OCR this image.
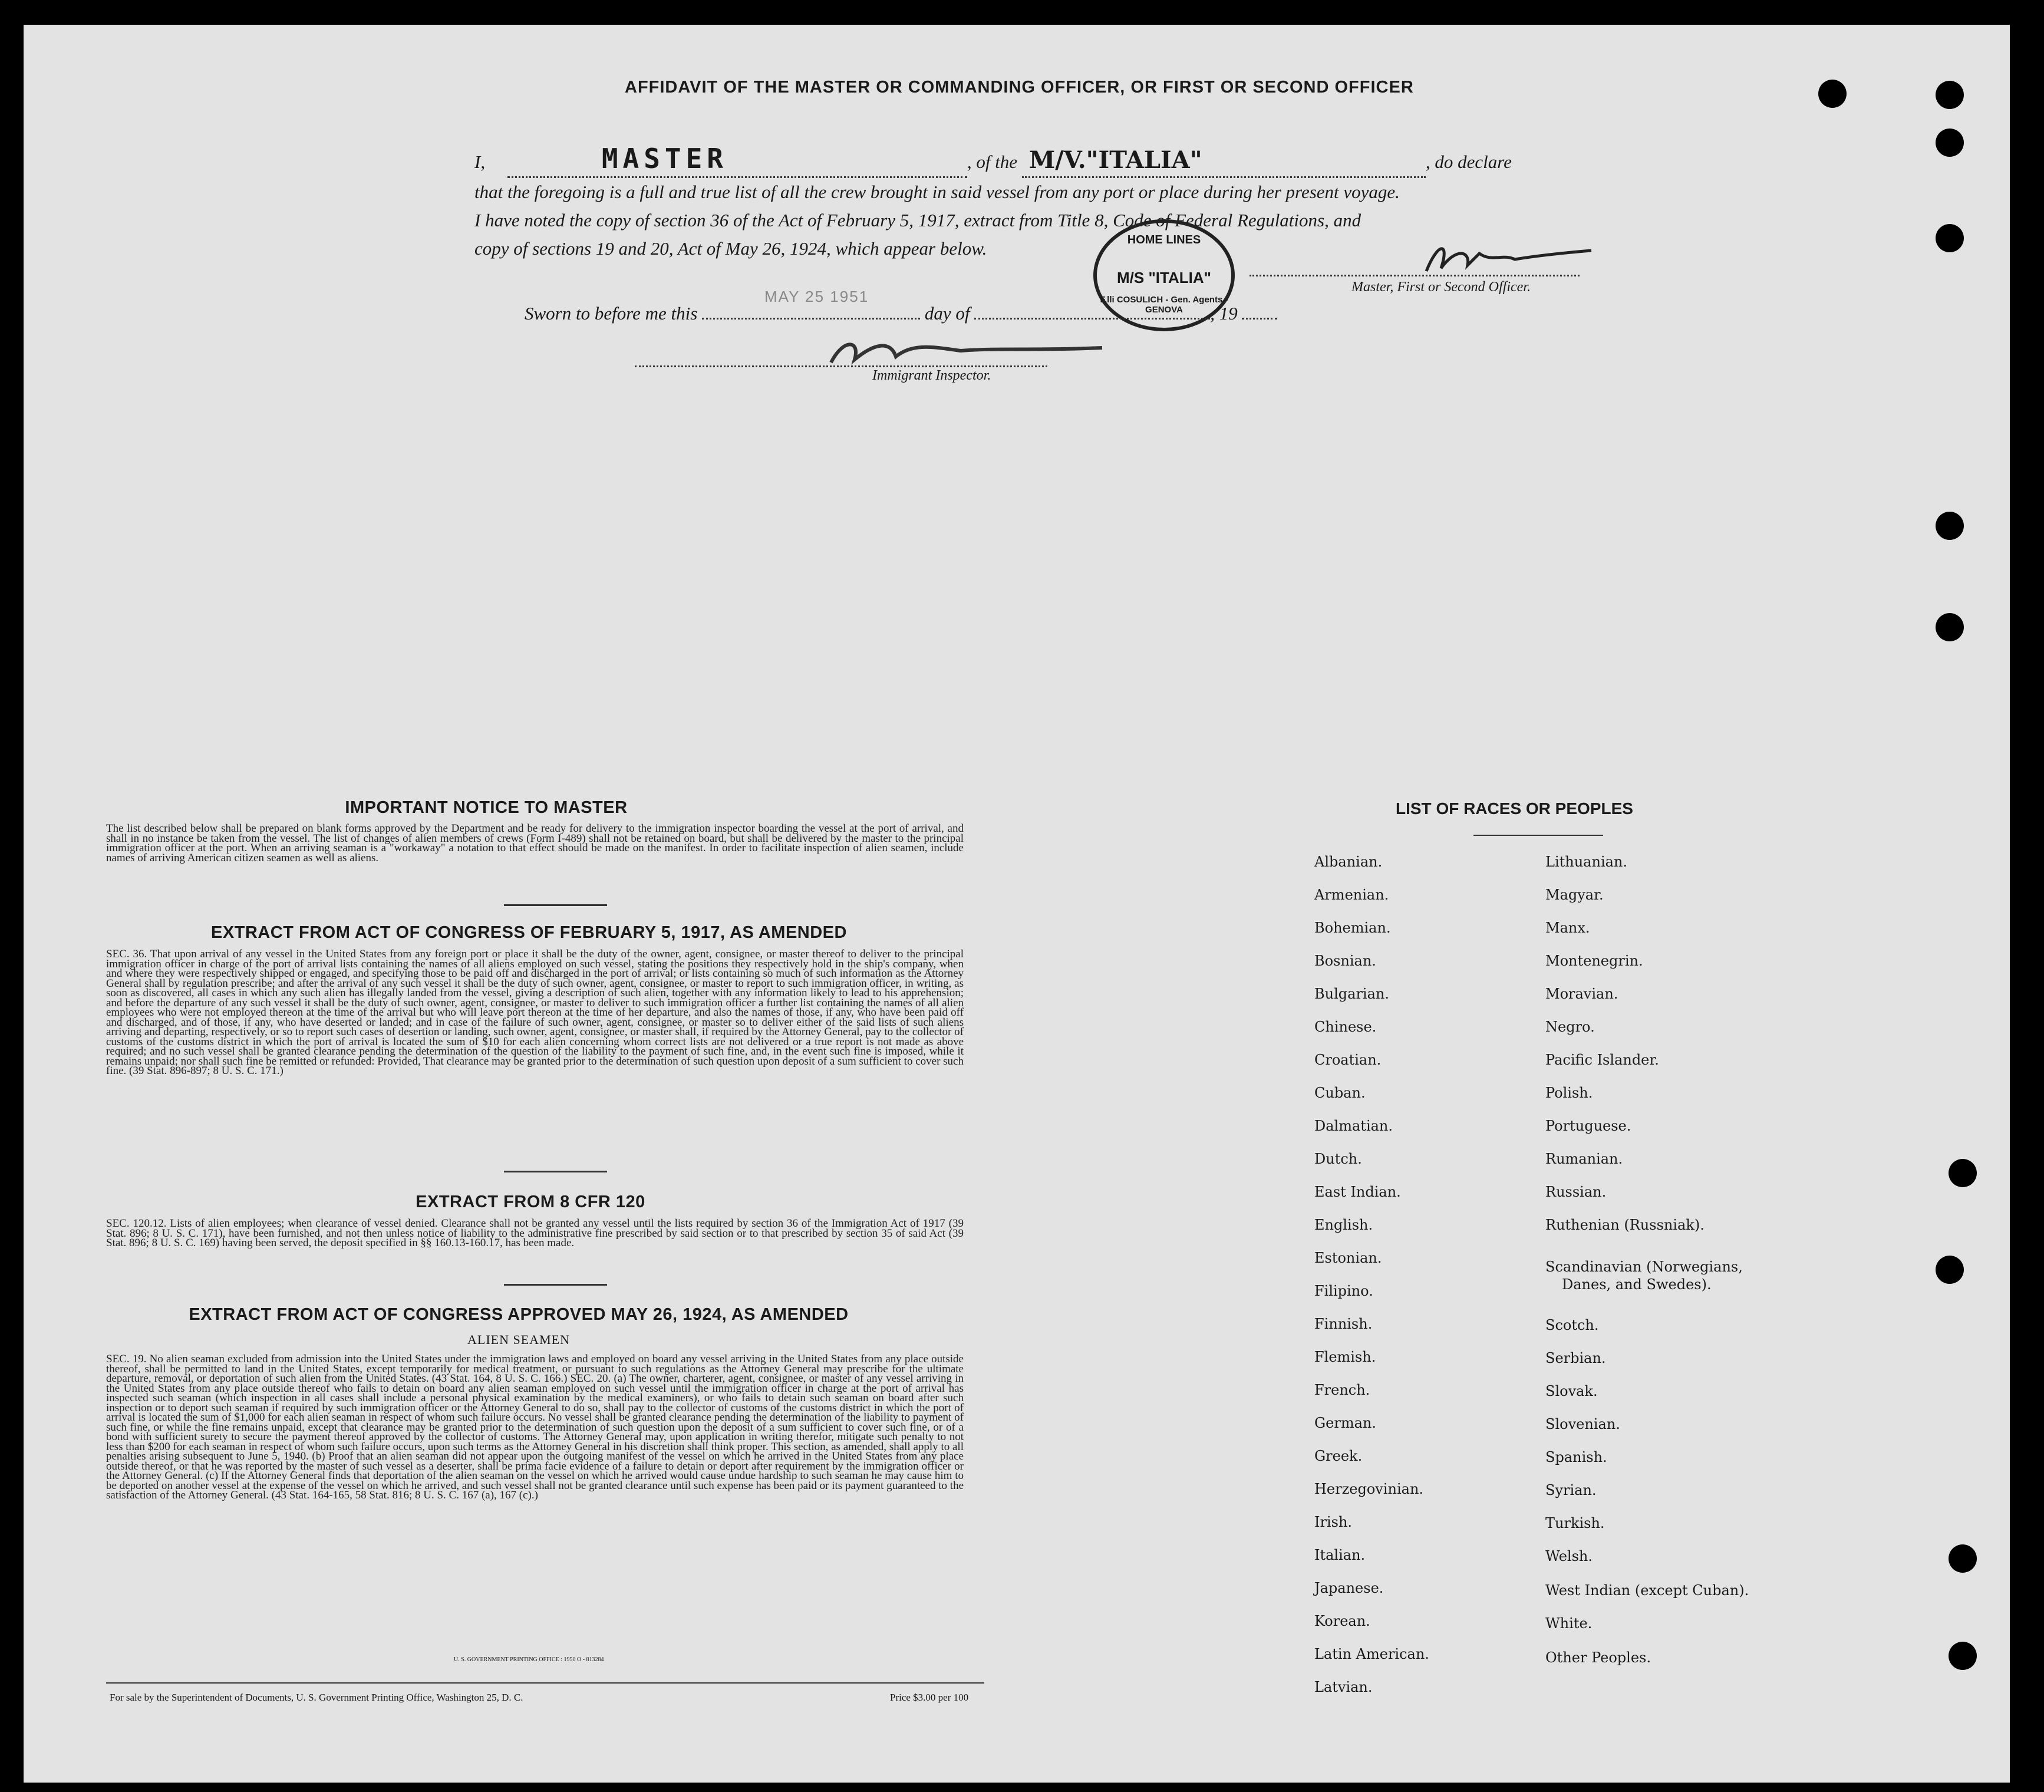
AFFIDAVIT OF THE MASTER OR COMMANDING OFFICER, OR FIRST OR SECOND OFFICER
I,	MASTER	, of the M/V."ITALIA"	, do declare
that the foregoing is a full and true list of all the crew brought in said vessel from any port or place during her present voyage.
I have noted the copy of section 36 of the Act of February 5, 1917, extract from Title 8, Code of Federal Regulations, and
copy of sections 19 and 20, Act of May 26, 1924, which appear below.	HOME LINES
M/S "ITALIA"
F.lli COSULICH - Gen. Agents - GENOVA
Master, First or Second Officer.
MAY 25 1951
Sworn to before me this	day of	, 19
Immigrant Inspector.
IMPORTANT NOTICE TO MASTER
The list described below shall be prepared on blank forms approved by the Department and be ready for delivery to the immigration inspector boarding the vessel at the port of arrival, and shall in no instance be taken from the vessel. The list of changes of alien members of crews (Form I-489) shall not be retained on board, but shall be delivered by the master to the principal immigration officer at the port. When an arriving seaman is a "workaway" a notation to that effect should be made on the manifest. In order to facilitate inspection of alien seamen, include names of arriving American citizen seamen as well as aliens.
EXTRACT FROM ACT OF CONGRESS OF FEBRUARY 5, 1917, AS AMENDED
SEC. 36. That upon arrival of any vessel in the United States from any foreign port or place it shall be the duty of the owner, agent, consignee, or master thereof to deliver to the principal immigration officer in charge of the port of arrival lists containing the names of all aliens employed on such vessel, stating the positions they respectively hold in the ship's company, when and where they were respectively shipped or engaged, and specifying those to be paid off and discharged in the port of arrival; or lists containing so much of such information as the Attorney General shall by regulation prescribe; and after the arrival of any such vessel it shall be the duty of such owner, agent, consignee, or master to report to such immigration officer, in writing, as soon as discovered, all cases in which any such alien has illegally landed from the vessel, giving a description of such alien, together with any information likely to lead to his apprehension; and before the departure of any such vessel it shall be the duty of such owner, agent, consignee, or master to deliver to such immigration officer a further list containing the names of all alien employees who were not employed thereon at the time of the arrival but who will leave port thereon at the time of her departure, and also the names of those, if any, who have been paid off and discharged, and of those, if any, who have deserted or landed; and in case of the failure of such owner, agent, consignee, or master so to deliver either of the said lists of such aliens arriving and departing, respectively, or so to report such cases of desertion or landing, such owner, agent, consignee, or master shall, if required by the Attorney General, pay to the collector of customs of the customs district in which the port of arrival is located the sum of $10 for each alien concerning whom correct lists are not delivered or a true report is not made as above required; and no such vessel shall be granted clearance pending the determination of the question of the liability to the payment of such fine, and, in the event such fine is imposed, while it remains unpaid; nor shall such fine be remitted or refunded: Provided, That clearance may be granted prior to the determination of such question upon deposit of a sum sufficient to cover such fine. (39 Stat. 896-897; 8 U. S. C. 171.)
EXTRACT FROM 8 CFR 120
SEC. 120.12. Lists of alien employees; when clearance of vessel denied. Clearance shall not be granted any vessel until the lists required by section 36 of the Immigration Act of 1917 (39 Stat. 896; 8 U. S. C. 171), have been furnished, and not then unless notice of liability to the administrative fine prescribed by said section or to that prescribed by section 35 of said Act (39 Stat. 896; 8 U. S. C. 169) having been served, the deposit specified in §§ 160.13-160.17, has been made.
EXTRACT FROM ACT OF CONGRESS APPROVED MAY 26, 1924, AS AMENDED
ALIEN SEAMEN
SEC. 19. No alien seaman excluded from admission into the United States under the immigration laws and employed on board any vessel arriving in the United States from any place outside thereof, shall be permitted to land in the United States, except temporarily for medical treatment, or pursuant to such regulations as the Attorney General may prescribe for the ultimate departure, removal, or deportation of such alien from the United States. (43 Stat. 164, 8 U. S. C. 166.) SEC. 20. (a) The owner, charterer, agent, consignee, or master of any vessel arriving in the United States from any place outside thereof who fails to detain on board any alien seaman employed on such vessel until the immigration officer in charge at the port of arrival has inspected such seaman (which inspection in all cases shall include a personal physical examination by the medical examiners), or who fails to detain such seaman on board after such inspection or to deport such seaman if required by such immigration officer or the Attorney General to do so, shall pay to the collector of customs of the customs district in which the port of arrival is located the sum of $1,000 for each alien seaman in respect of whom such failure occurs. No vessel shall be granted clearance pending the determination of the liability to payment of such fine, or while the fine remains unpaid, except that clearance may be granted prior to the determination of such question upon the deposit of a sum sufficient to cover such fine, or of a bond with sufficient surety to secure the payment thereof approved by the collector of customs. The Attorney General may, upon application in writing therefor, mitigate such penalty to not less than $200 for each seaman in respect of whom such failure occurs, upon such terms as the Attorney General in his discretion shall think proper. This section, as amended, shall apply to all penalties arising subsequent to June 5, 1940. (b) Proof that an alien seaman did not appear upon the outgoing manifest of the vessel on which he arrived in the United States from any place outside thereof, or that he was reported by the master of such vessel as a deserter, shall be prima facie evidence of a failure to detain or deport after requirement by the immigration officer or the Attorney General. (c) If the Attorney General finds that deportation of the alien seaman on the vessel on which he arrived would cause undue hardship to such seaman he may cause him to be deported on another vessel at the expense of the vessel on which he arrived, and such vessel shall not be granted clearance until such expense has been paid or its payment guaranteed to the satisfaction of the Attorney General. (43 Stat. 164-165, 58 Stat. 816; 8 U. S. C. 167 (a), 167 (c).)
U. S. GOVERNMENT PRINTING OFFICE : 1950 O - 813284
For sale by the Superintendent of Documents, U. S. Government Printing Office, Washington 25, D. C.	Price $3.00 per 100
LIST OF RACES OR PEOPLES
Albanian.
Armenian.
Bohemian.
Bosnian.
Bulgarian.
Chinese.
Croatian.
Cuban.
Dalmatian.
Dutch.
East Indian.
English.
Estonian.
Filipino.
Finnish.
Flemish.
French.
German.
Greek.
Herzegovinian.
Irish.
Italian.
Japanese.
Korean.
Latin American.
Latvian.
Lithuanian.
Magyar.
Manx.
Montenegrin.
Moravian.
Negro.
Pacific Islander.
Polish.
Portuguese.
Rumanian.
Russian.
Ruthenian (Russniak).
Scandinavian (Norwegians,
Danes, and Swedes).
Scotch.
Serbian.
Slovak.
Slovenian.
Spanish.
Syrian.
Turkish.
Welsh.
West Indian (except Cuban).
White.
Other Peoples.
